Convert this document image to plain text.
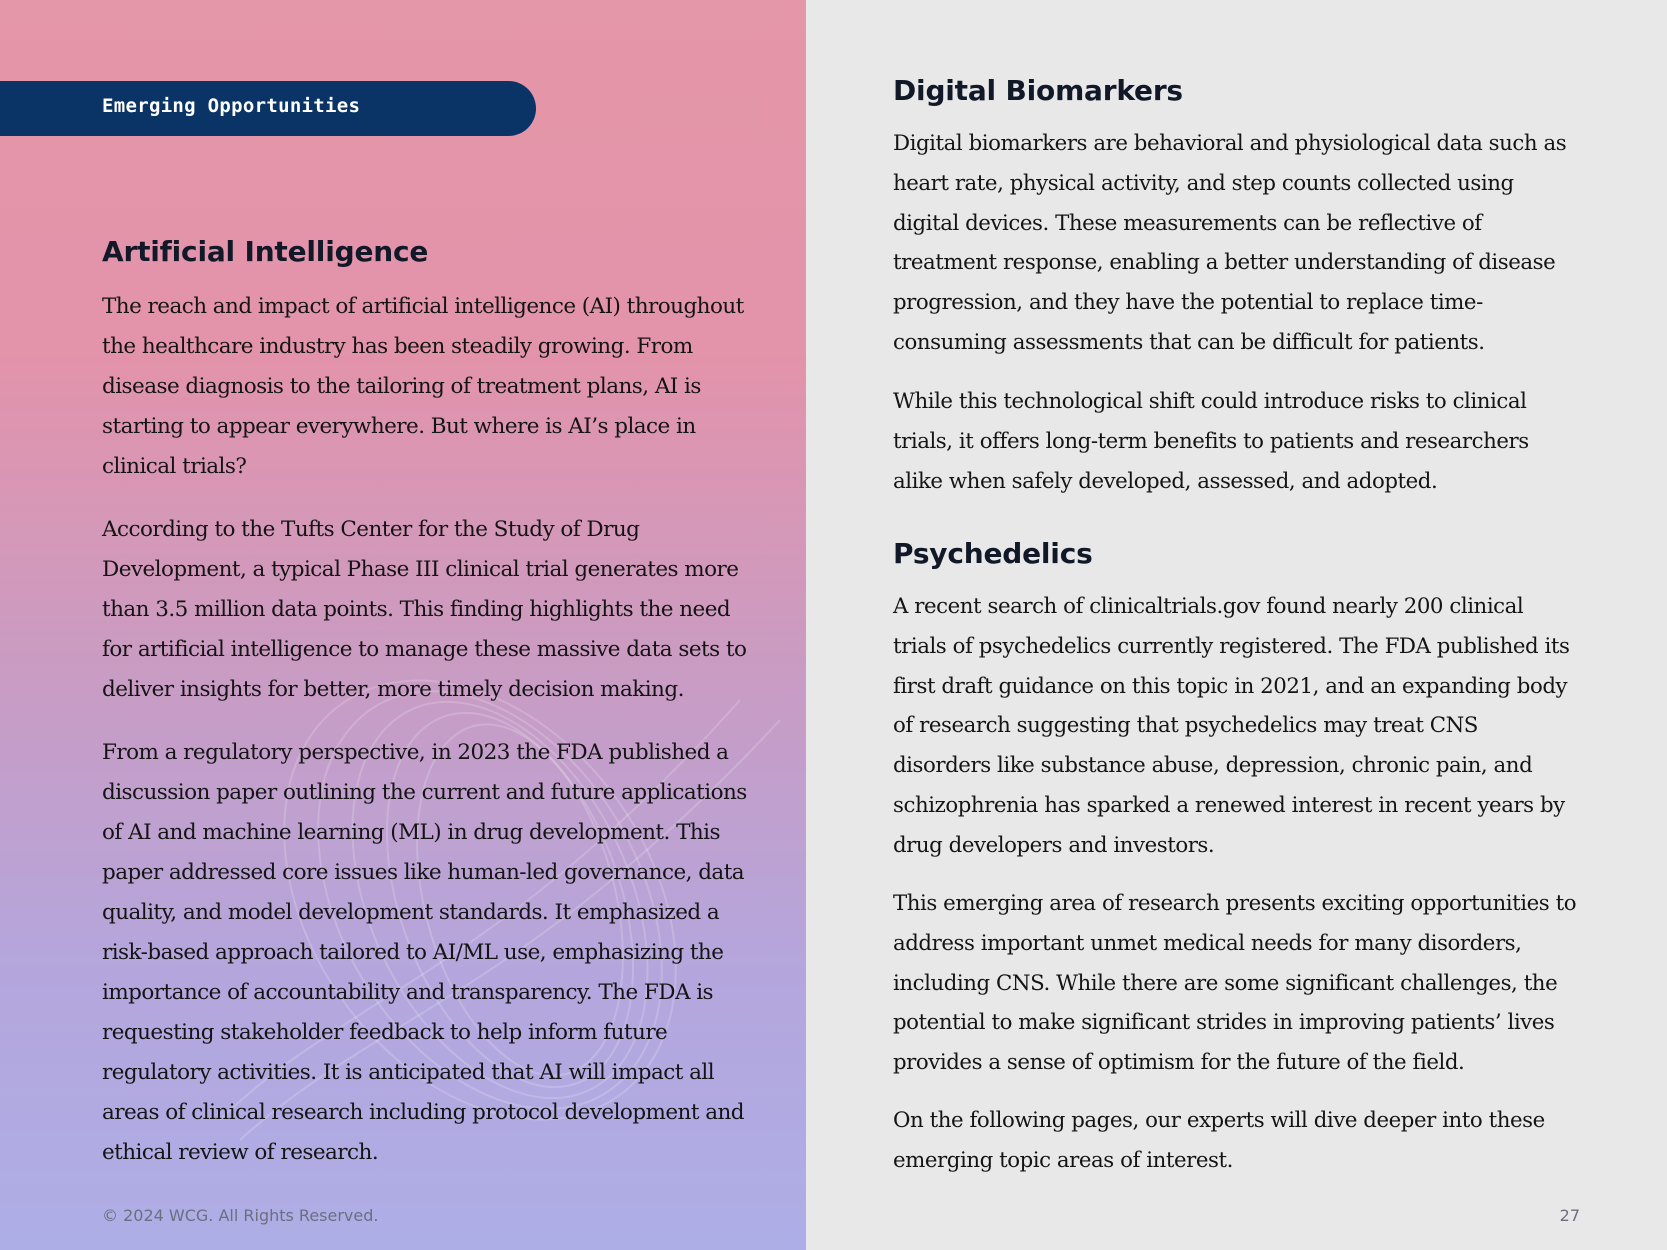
Emerging Opportunities
Artificial Intelligence

The reach and impact of artificial intelligence (AI) throughout the healthcare industry has been steadily growing. From disease diagnosis to the tailoring of treatment plans, AI is starting to appear everywhere. But where is AI’s place in clinical trials?

According to the Tufts Center for the Study of Drug Development, a typical Phase III clinical trial generates more than 3.5 million data points. This finding highlights the need for artificial intelligence to manage these massive data sets to deliver insights for better, more timely decision making.

From a regulatory perspective, in 2023 the FDA published a discussion paper outlining the current and future applications of AI and machine learning (ML) in drug development. This paper addressed core issues like human-led governance, data quality, and model development standards. It emphasized a risk-based approach tailored to AI/ML use, emphasizing the importance of accountability and transparency. The FDA is requesting stakeholder feedback to help inform future regulatory activities. It is anticipated that AI will impact all areas of clinical research including protocol development and ethical review of research.

© 2024 WCG. All Rights Reserved.
Digital Biomarkers

Digital biomarkers are behavioral and physiological data such as heart rate, physical activity, and step counts collected using digital devices. These measurements can be reflective of treatment response, enabling a better understanding of disease progression, and they have the potential to replace time-consuming assessments that can be difficult for patients.

While this technological shift could introduce risks to clinical trials, it offers long-term benefits to patients and researchers alike when safely developed, assessed, and adopted.

Psychedelics

A recent search of clinicaltrials.gov found nearly 200 clinical trials of psychedelics currently registered. The FDA published its first draft guidance on this topic in 2021, and an expanding body of research suggesting that psychedelics may treat CNS disorders like substance abuse, depression, chronic pain, and schizophrenia has sparked a renewed interest in recent years by drug developers and investors.

This emerging area of research presents exciting opportunities to address important unmet medical needs for many disorders, including CNS. While there are some significant challenges, the potential to make significant strides in improving patients’ lives provides a sense of optimism for the future of the field.

On the following pages, our experts will dive deeper into these emerging topic areas of interest.

27
